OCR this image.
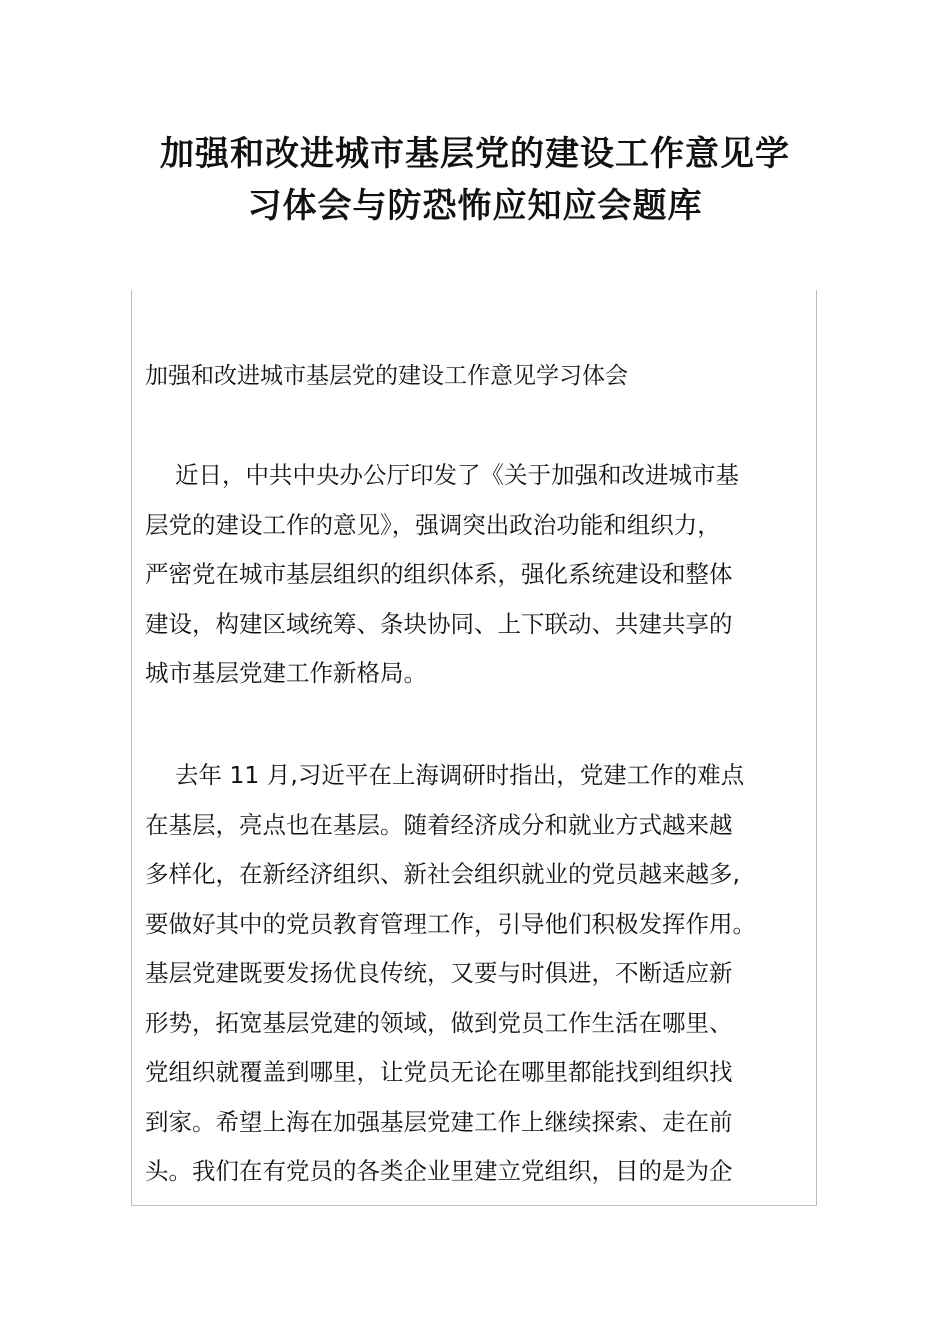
加强和改进城市基层党的建设工作意见学
习体会与防恐怖应知应会题库
加强和改进城市基层党的建设工作意见学习体会

近日，中共中央办公厅印发了《关于加强和改进城市基
层党的建设工作的意见》，强调突出政治功能和组织力，
严密党在城市基层组织的组织体系，强化系统建设和整体
建设，构建区域统筹、条块协同、上下联动、共建共享的
城市基层党建工作新格局。

去年 11 月,习近平在上海调研时指出，党建工作的难点
在基层，亮点也在基层。随着经济成分和就业方式越来越
多样化，在新经济组织、新社会组织就业的党员越来越多,
要做好其中的党员教育管理工作，引导他们积极发挥作用。
基层党建既要发扬优良传统，又要与时俱进，不断适应新
形势，拓宽基层党建的领域，做到党员工作生活在哪里、
党组织就覆盖到哪里，让党员无论在哪里都能找到组织找
到家。希望上海在加强基层党建工作上继续探索、走在前
头。我们在有党员的各类企业里建立党组织，目的是为企
